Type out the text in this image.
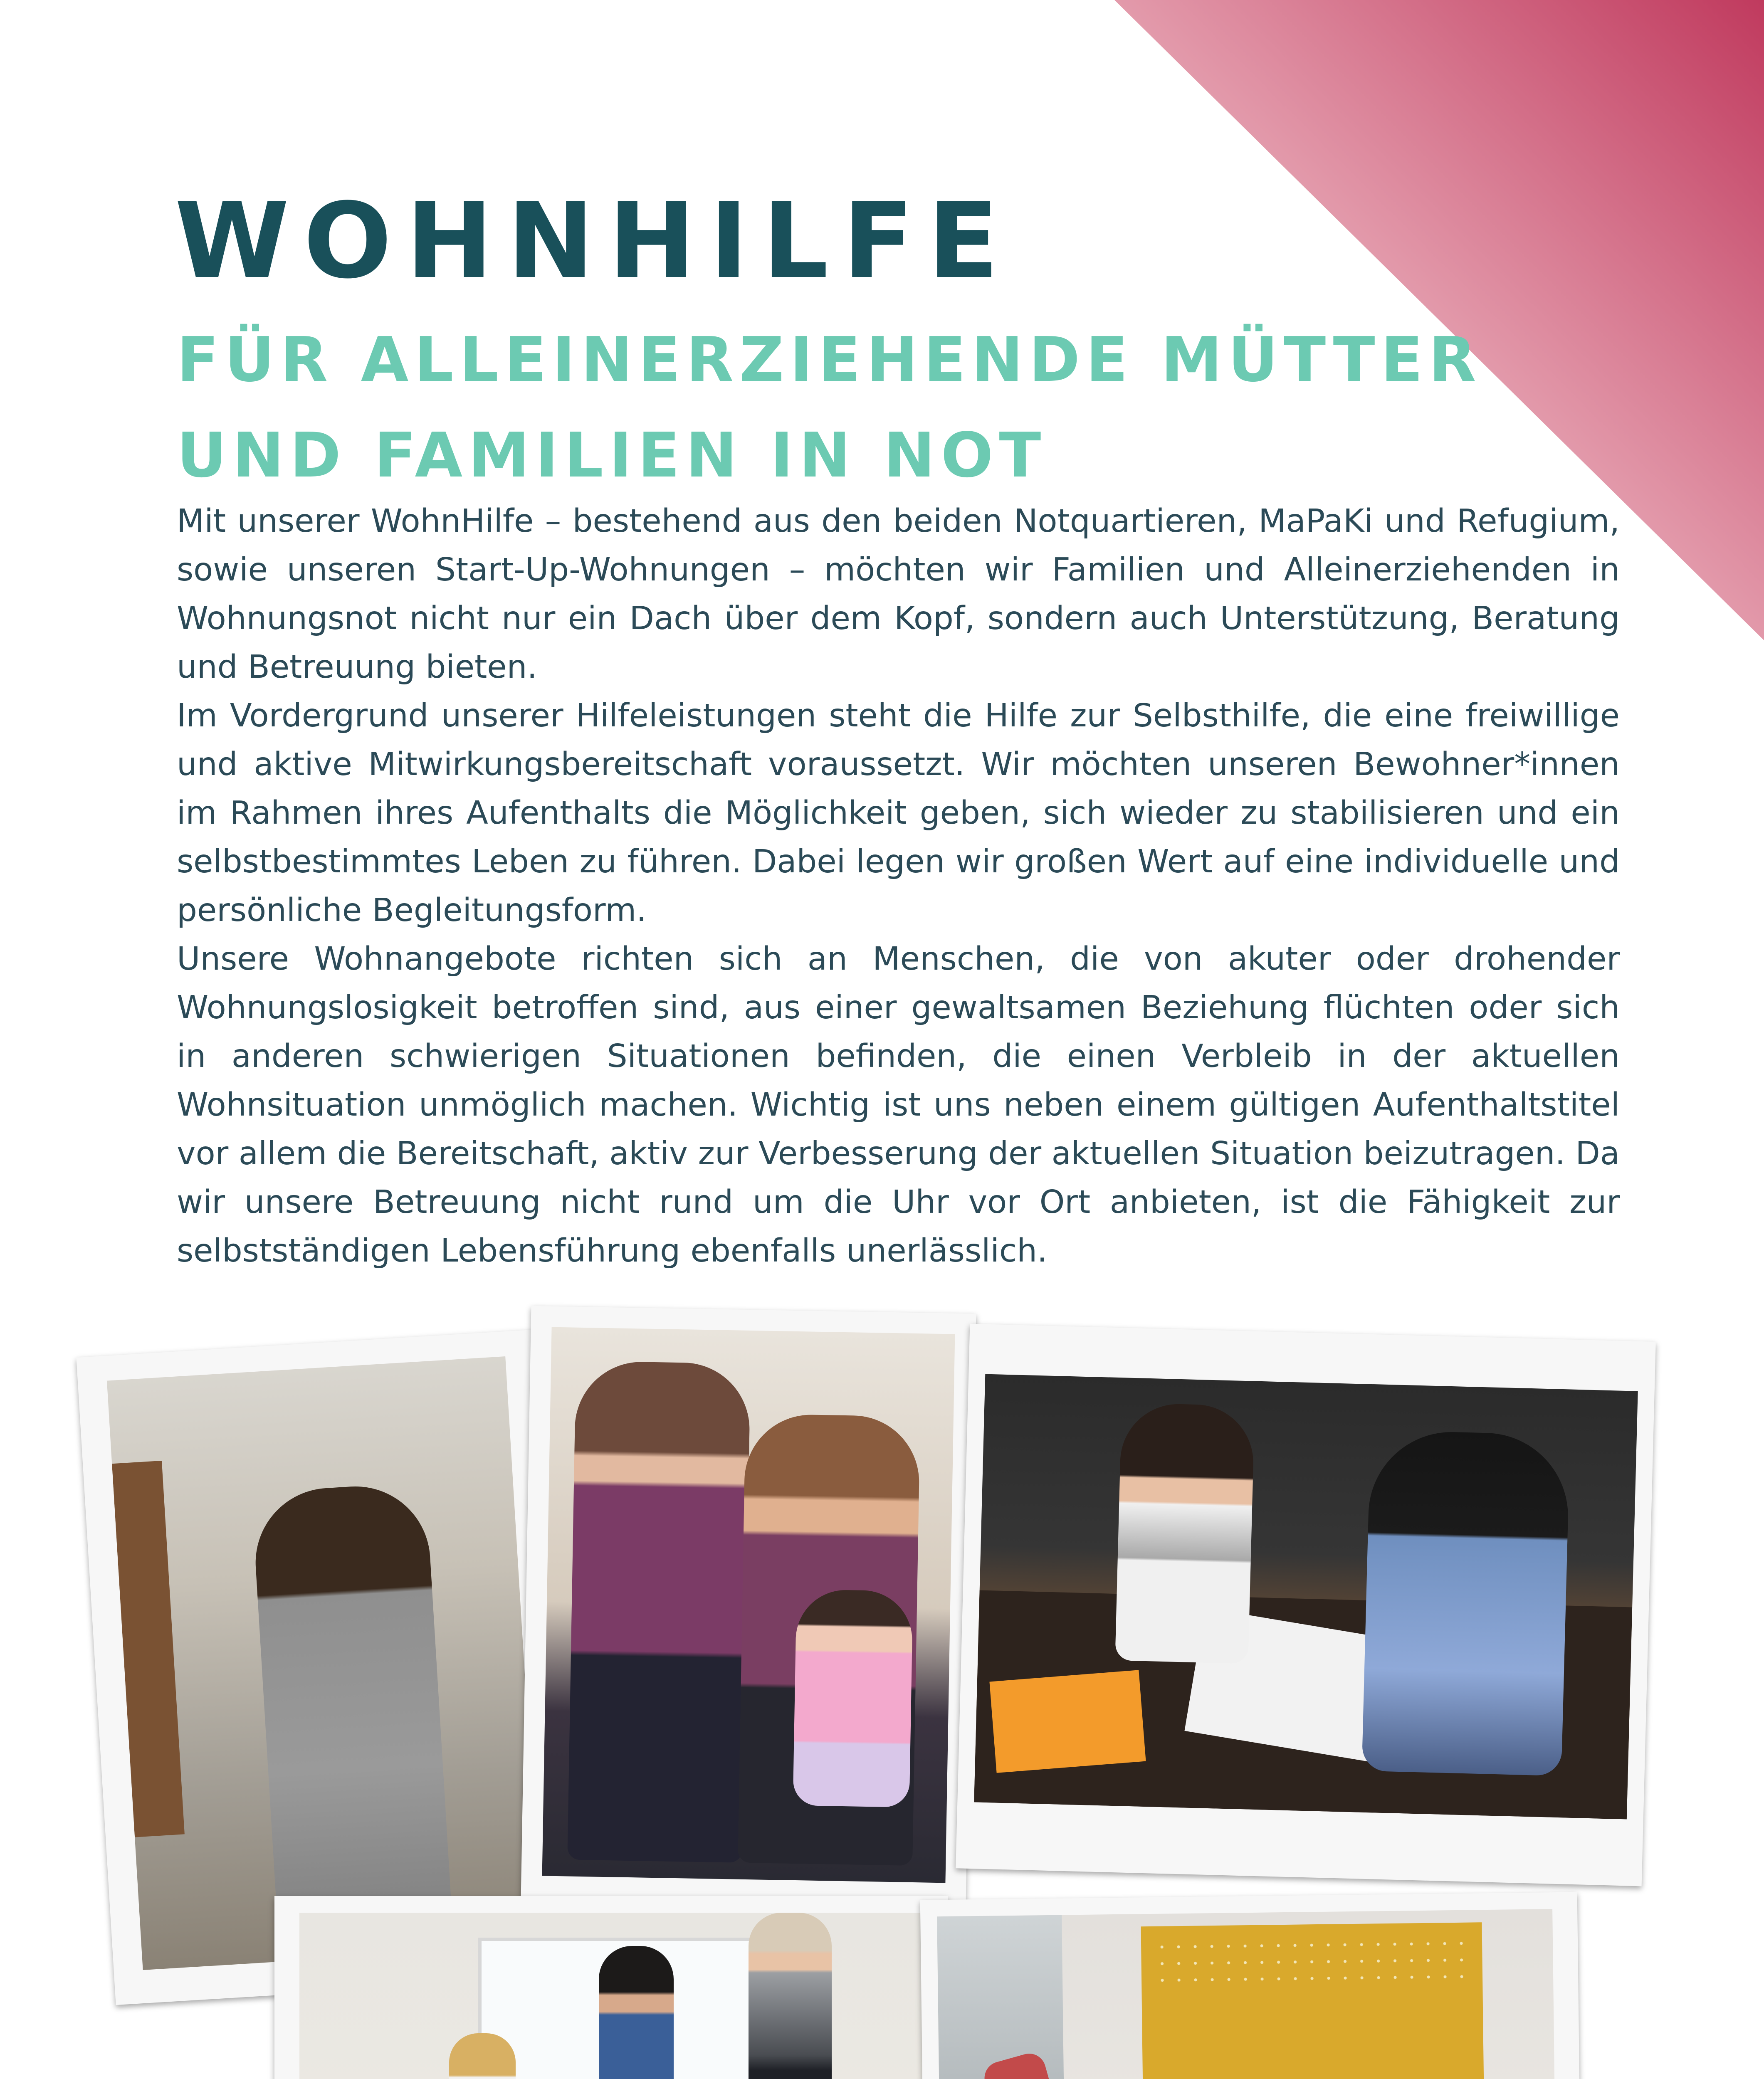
WOHNHILFE
FÜR ALLEINERZIEHENDE MÜTTER
UND FAMILIEN IN NOT

Mit unserer WohnHilfe – bestehend aus den beiden Notquartieren, MaPaKi und Refugium, sowie unseren Start-Up-Wohnungen – möchten wir Familien und Alleinerziehenden in Wohnungsnot nicht nur ein Dach über dem Kopf, sondern auch Unterstützung, Beratung und Betreuung bieten.

Im Vordergrund unserer Hilfeleistungen steht die Hilfe zur Selbsthilfe, die eine freiwillige und aktive Mitwirkungsbereitschaft voraussetzt. Wir möchten unseren Bewohner*innen im Rahmen ihres Aufenthalts die Möglichkeit geben, sich wieder zu stabilisieren und ein selbstbestimmtes Leben zu führen. Dabei legen wir großen Wert auf eine individuelle und persönliche Begleitungsform.

Unsere Wohnangebote richten sich an Menschen, die von akuter oder drohender Wohnungslosigkeit betroffen sind, aus einer gewaltsamen Beziehung flüchten oder sich in anderen schwierigen Situationen befinden, die einen Verbleib in der aktuellen Wohnsituation unmöglich machen. Wichtig ist uns neben einem gültigen Aufenthaltstitel vor allem die Bereitschaft, aktiv zur Verbesserung der aktuellen Situation beizutragen. Da wir unsere Betreuung nicht rund um die Uhr vor Ort anbieten, ist die Fähigkeit zur selbstständigen Lebensführung ebenfalls unerlässlich.
